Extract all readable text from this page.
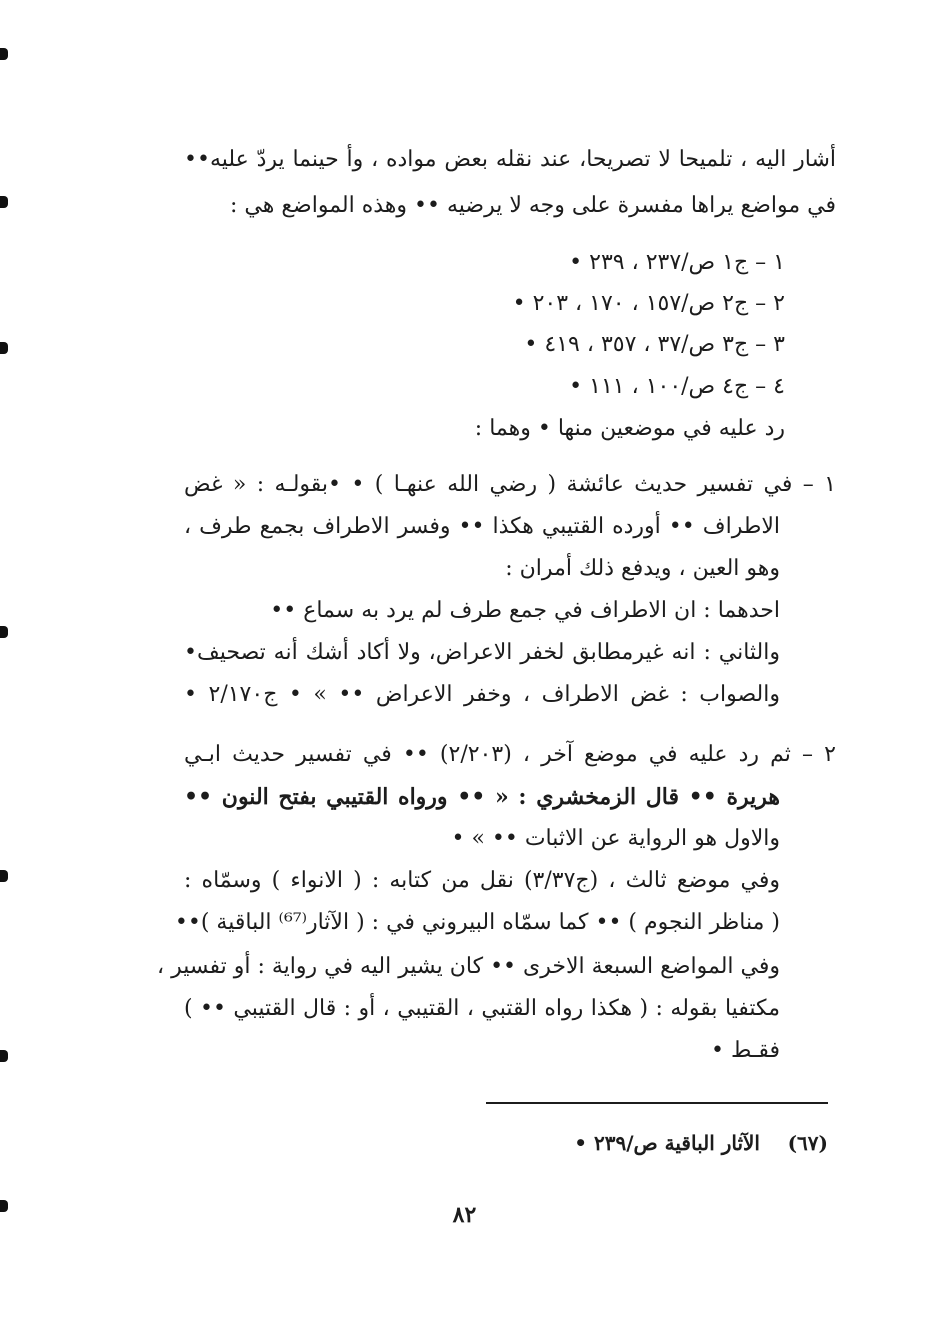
أشار اليه ، تلميحا لا تصريحا، عند نقله بعض مواده ، وأ حينما يردّ عليه••
في مواضع يراها مفسرة على وجه لا يرضيه •• وهذه المواضع هي :
١ – ج١ ص/٢٣٧ ، ٢٣٩ •
٢ – ج٢ ص/١٥٧ ، ١٧٠ ، ٢٠٣ •
٣ – ج٣ ص/٣٧ ، ٣٥٧ ، ٤١٩ •
٤ – ج٤ ص/١٠٠ ، ١١١ •
رد عليه في موضعين منها • وهما :
١ – في تفسير حديث عائشة ( رضي الله عنهـا ) • •بقولـه : « غض
الاطراف •• أورده القتيبي هكذا •• وفسر الاطراف بجمع طرف ،
وهو العين ، ويدفع ذلك أمران :
احدهما : ان الاطراف في جمع طرف لم يرد به سماع ••
والثاني : انه غيرمطابق لخفر الاعراض، ولا أكاد أشك أنه تصحيف•
والصواب : غض الاطراف ، وخفر الاعراض •• » • ج٢/١٧٠ •
٢ – ثم رد عليه في موضع آخر ، (٢/٢٠٣) •• في تفسير حديث ابـي
هريرة •• قال الزمخشري : « •• ورواه القتيبي بفتح النون ••
والاول هو الرواية عن الاثبات •• » •
وفي موضع ثالث ، (ج٣/٣٧) نقل من كتابه : ( الانواء ) وسمّاه :
( مناظر النجوم ) •• كما سمّاه البيروني في : ( الآثار⁽⁶⁷⁾ الباقية )••
وفي المواضع السبعة الاخرى •• كان يشير اليه في رواية : أو تفسير ،
مكتفيا بقوله : ( هكذا رواه القتبي ، القتيبي ، أو : قال القتيبي •• )
فقـط •
(٦٧)
الآثار الباقية ص/٢٣٩ •
٨٢
